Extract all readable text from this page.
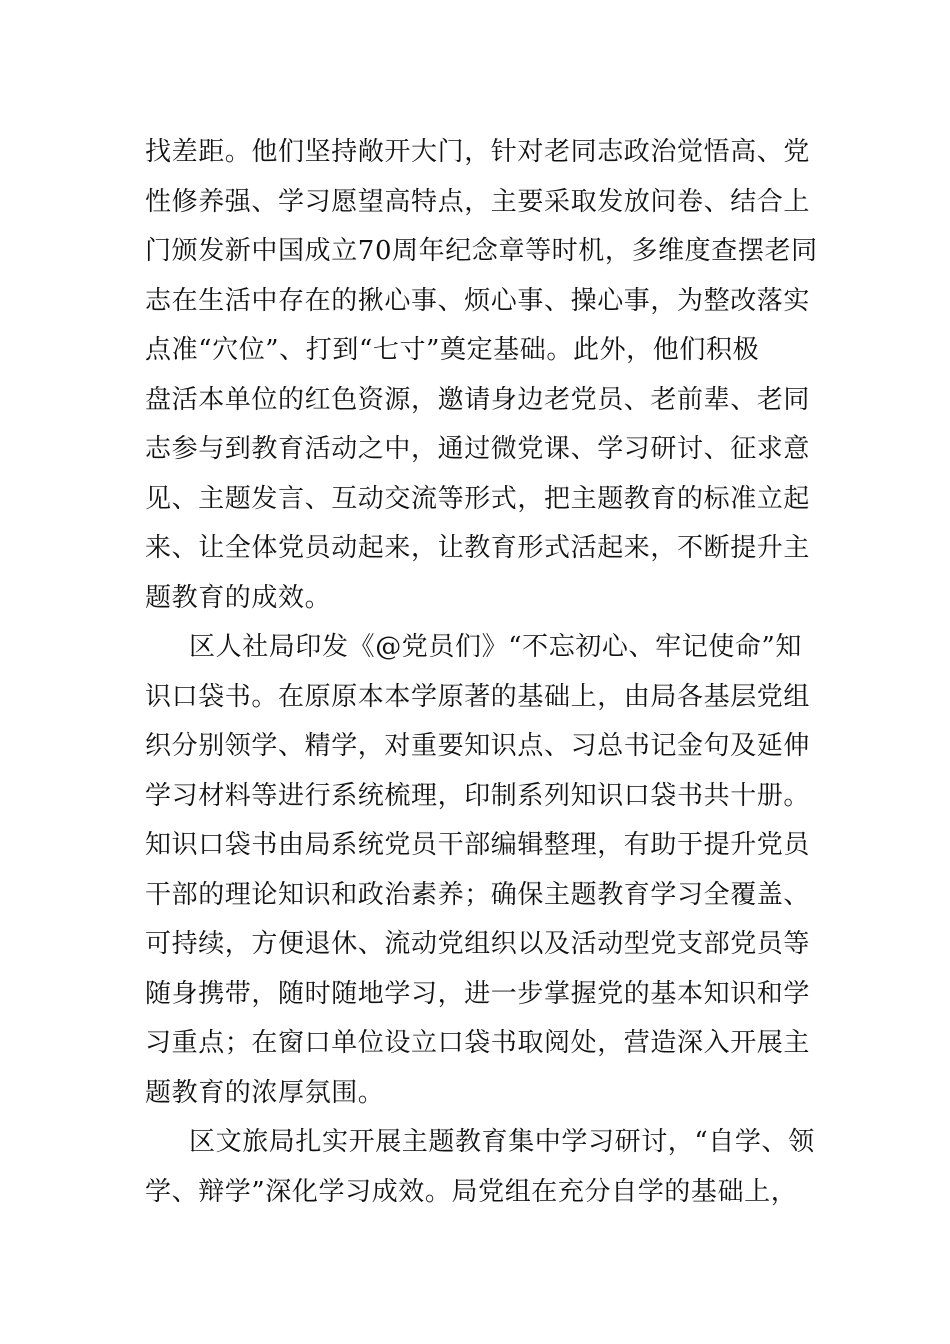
找差距。他们坚持敞开大门，针对老同志政治觉悟高、党
性修养强、学习愿望高特点，主要采取发放问卷、结合上
门颁发新中国成立70周年纪念章等时机，多维度查摆老同
志在生活中存在的揪心事、烦心事、操心事，为整改落实
点准“穴位”、打到“七寸”奠定基础。此外，他们积极
盘活本单位的红色资源，邀请身边老党员、老前辈、老同
志参与到教育活动之中，通过微党课、学习研讨、征求意
见、主题发言、互动交流等形式，把主题教育的标准立起
来、让全体党员动起来，让教育形式活起来，不断提升主
题教育的成效。
区人社局印发《@党员们》“不忘初心、牢记使命”知
识口袋书。在原原本本学原著的基础上，由局各基层党组
织分别领学、精学，对重要知识点、习总书记金句及延伸
学习材料等进行系统梳理，印制系列知识口袋书共十册。
知识口袋书由局系统党员干部编辑整理，有助于提升党员
干部的理论知识和政治素养；确保主题教育学习全覆盖、
可持续，方便退休、流动党组织以及活动型党支部党员等
随身携带，随时随地学习，进一步掌握党的基本知识和学
习重点；在窗口单位设立口袋书取阅处，营造深入开展主
题教育的浓厚氛围。
区文旅局扎实开展主题教育集中学习研讨，“自学、领
学、辩学”深化学习成效。局党组在充分自学的基础上，
